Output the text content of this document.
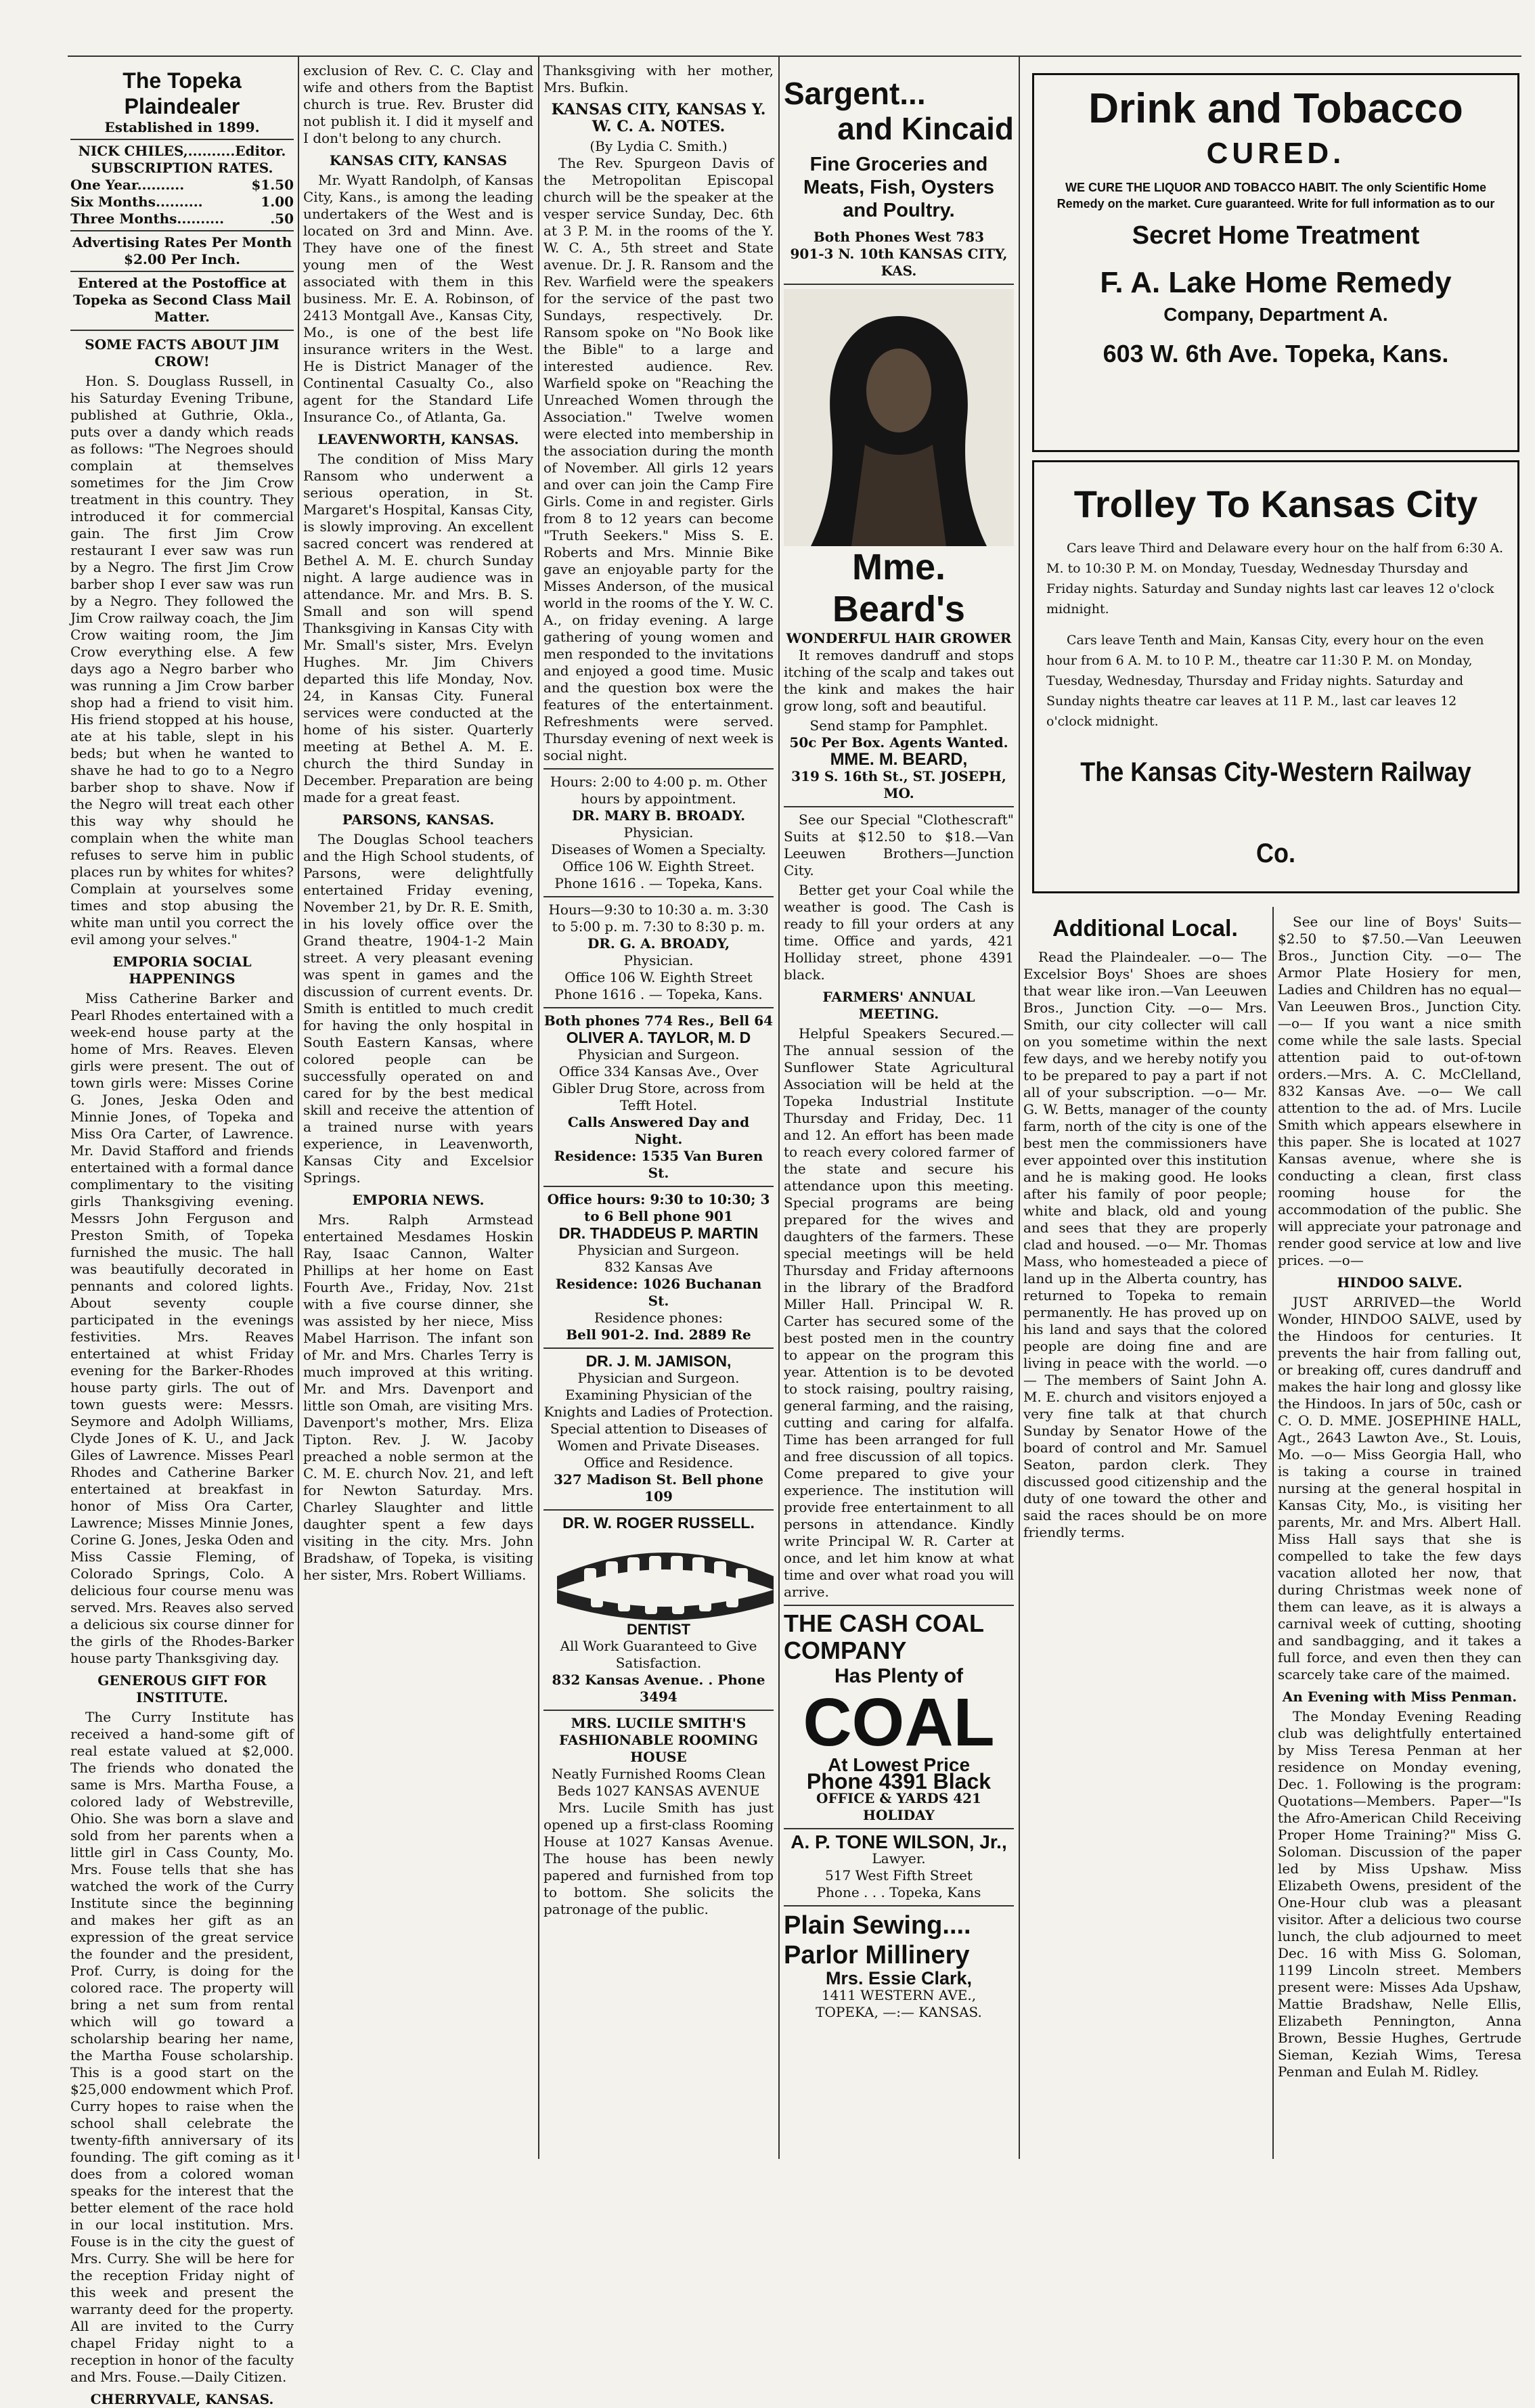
The Topeka Plaindealer
Established in 1899.
NICK CHILES,..........Editor.
SUBSCRIPTION RATES.
One Year..........	$1.50
Six Months..........	1.00
Three Months..........	.50
Advertising Rates Per Month $2.00 Per Inch.
Entered at the Postoffice at Topeka as Second Class Mail Matter.
SOME FACTS ABOUT JIM CROW!

Hon. S. Douglass Russell, in his Saturday Evening Tribune, published at Guthrie, Okla., puts over a dandy which reads as follows: "The Negroes should complain at themselves sometimes for the Jim Crow treatment in this country. They introduced it for commercial gain. The first Jim Crow restaurant I ever saw was run by a Negro. The first Jim Crow barber shop I ever saw was run by a Negro. They followed the Jim Crow railway coach, the Jim Crow waiting room, the Jim Crow everything else. A few days ago a Negro barber who was running a Jim Crow barber shop had a friend to visit him. His friend stopped at his house, ate at his table, slept in his beds; but when he wanted to shave he had to go to a Negro barber shop to shave. Now if the Negro will treat each other this way why should he complain when the white man refuses to serve him in public places run by whites for whites? Complain at yourselves some times and stop abusing the white man until you correct the evil among your selves."

EMPORIA SOCIAL HAPPENINGS

Miss Catherine Barker and Pearl Rhodes entertained with a week-end house party at the home of Mrs. Reaves. Eleven girls were present. The out of town girls were: Misses Corine G. Jones, Jeska Oden and Minnie Jones, of Topeka and Miss Ora Carter, of Lawrence. Mr. David Stafford and friends entertained with a formal dance complimentary to the visiting girls Thanksgiving evening. Messrs John Ferguson and Preston Smith, of Topeka furnished the music. The hall was beautifully decorated in pennants and colored lights. About seventy couple participated in the evenings festivities. Mrs. Reaves entertained at whist Friday evening for the Barker-Rhodes house party girls. The out of town guests were: Messrs. Seymore and Adolph Williams, Clyde Jones of K. U., and Jack Giles of Lawrence. Misses Pearl Rhodes and Catherine Barker entertained at breakfast in honor of Miss Ora Carter, Lawrence; Misses Minnie Jones, Corine G. Jones, Jeska Oden and Miss Cassie Fleming, of Colorado Springs, Colo. A delicious four course menu was served. Mrs. Reaves also served a delicious six course dinner for the girls of the Rhodes-Barker house party Thanksgiving day.

GENEROUS GIFT FOR INSTITUTE.

The Curry Institute has received a hand-some gift of real estate valued at $2,000. The friends who donated the same is Mrs. Martha Fouse, a colored lady of Webstreville, Ohio. She was born a slave and sold from her parents when a little girl in Cass County, Mo. Mrs. Fouse tells that she has watched the work of the Curry Institute since the beginning and makes her gift as an expression of the great service the founder and the president, Prof. Curry, is doing for the colored race. The property will bring a net sum from rental which will go toward a scholarship bearing her name, the Martha Fouse scholarship. This is a good start on the $25,000 endowment which Prof. Curry hopes to raise when the school shall celebrate the twenty-fifth anniversary of its founding. The gift coming as it does from a colored woman speaks for the interest that the better element of the race hold in our local institution. Mrs. Fouse is in the city the guest of Mrs. Curry. She will be here for the reception Friday night of this week and present the warranty deed for the property. All are invited to the Curry chapel Friday night to a reception in honor of the faculty and Mrs. Fouse.—Daily Citizen.

CHERRYVALE, KANSAS.

exclusion of Rev. C. C. Clay and wife and others from the Baptist church is true. Rev. Bruster did not publish it. I did it myself and I don't belong to any church.

KANSAS CITY, KANSAS

Mr. Wyatt Randolph, of Kansas City, Kans., is among the leading undertakers of the West and is located on 3rd and Minn. Ave. They have one of the finest young men of the West associated with them in this business. Mr. E. A. Robinson, of 2413 Montgall Ave., Kansas City, Mo., is one of the best life insurance writers in the West. He is District Manager of the Continental Casualty Co., also agent for the Standard Life Insurance Co., of Atlanta, Ga.

LEAVENWORTH, KANSAS.

The condition of Miss Mary Ransom who underwent a serious operation, in St. Margaret's Hospital, Kansas City, is slowly improving. An excellent sacred concert was rendered at Bethel A. M. E. church Sunday night. A large audience was in attendance. Mr. and Mrs. B. S. Small and son will spend Thanksgiving in Kansas City with Mr. Small's sister, Mrs. Evelyn Hughes. Mr. Jim Chivers departed this life Monday, Nov. 24, in Kansas City. Funeral services were conducted at the home of his sister. Quarterly meeting at Bethel A. M. E. church the third Sunday in December. Preparation are being made for a great feast.

PARSONS, KANSAS.

The Douglas School teachers and the High School students, of Parsons, were delightfully entertained Friday evening, November 21, by Dr. R. E. Smith, in his lovely office over the Grand theatre, 1904-1-2 Main street. A very pleasant evening was spent in games and the discussion of current events. Dr. Smith is entitled to much credit for having the only hospital in South Eastern Kansas, where colored people can be successfully operated on and cared for by the best medical skill and receive the attention of a trained nurse with years experience, in Leavenworth, Kansas City and Excelsior Springs.

EMPORIA NEWS.

Mrs. Ralph Armstead entertained Mesdames Hoskin Ray, Isaac Cannon, Walter Phillips at her home on East Fourth Ave., Friday, Nov. 21st with a five course dinner, she was assisted by her niece, Miss Mabel Harrison. The infant son of Mr. and Mrs. Charles Terry is much improved at this writing. Mr. and Mrs. Davenport and little son Omah, are visiting Mrs. Davenport's mother, Mrs. Eliza Tipton. Rev. J. W. Jacoby preached a noble sermon at the C. M. E. church Nov. 21, and left for Newton Saturday. Mrs. Charley Slaughter and little daughter spent a few days visiting in the city. Mrs. John Bradshaw, of Topeka, is visiting her sister, Mrs. Robert Williams.

Thanksgiving with her mother, Mrs. Bufkin.

KANSAS CITY, KANSAS Y. W. C. A. NOTES.
(By Lydia C. Smith.)

The Rev. Spurgeon Davis of the Metropolitan Episcopal church will be the speaker at the vesper service Sunday, Dec. 6th at 3 P. M. in the rooms of the Y. W. C. A., 5th street and State avenue. Dr. J. R. Ransom and the Rev. Warfield were the speakers for the service of the past two Sundays, respectively. Dr. Ransom spoke on "No Book like the Bible" to a large and interested audience. Rev. Warfield spoke on "Reaching the Unreached Women through the Association." Twelve women were elected into membership in the association during the month of November. All girls 12 years and over can join the Camp Fire Girls. Come in and register. Girls from 8 to 12 years can become "Truth Seekers." Miss S. E. Roberts and Mrs. Minnie Bike gave an enjoyable party for the Misses Anderson, of the musical world in the rooms of the Y. W. C. A., on friday evening. A large gathering of young women and men responded to the invitations and enjoyed a good time. Music and the question box were the features of the entertainment. Refreshments were served. Thursday evening of next week is social night.

Hours: 2:00 to 4:00 p. m. Other hours by appointment.
DR. MARY B. BROADY.
Physician.
Diseases of Women a Specialty.
Office 106 W. Eighth Street.
Phone 1616 . — Topeka, Kans.
Hours—9:30 to 10:30 a. m. 3:30 to 5:00 p. m. 7:30 to 8:30 p. m.
DR. G. A. BROADY,
Physician.
Office 106 W. Eighth Street
Phone 1616 . — Topeka, Kans.
Both phones 774 Res., Bell 64
OLIVER A. TAYLOR, M. D
Physician and Surgeon.
Office 334 Kansas Ave., Over Gibler Drug Store, across from Tefft Hotel.
Calls Answered Day and Night.
Residence: 1535 Van Buren St.
Office hours: 9:30 to 10:30; 3 to 6 Bell phone 901
DR. THADDEUS P. MARTIN
Physician and Surgeon.
832 Kansas Ave
Residence: 1026 Buchanan St.
Residence phones:
Bell 901-2. Ind. 2889 Re
DR. J. M. JAMISON,
Physician and Surgeon.
Examining Physician of the Knights and Ladies of Protection. Special attention to Diseases of Women and Private Diseases. Office and Residence.
327 Madison St. Bell phone 109
DR. W. ROGER RUSSELL.
DENTIST
All Work Guaranteed to Give Satisfaction.
832 Kansas Avenue. . Phone 3494
MRS. LUCILE SMITH'S
FASHIONABLE ROOMING HOUSE
Neatly Furnished Rooms Clean Beds 1027 KANSAS AVENUE

Mrs. Lucile Smith has just opened up a first-class Rooming House at 1027 Kansas Avenue. The house has been newly papered and furnished from top to bottom. She solicits the patronage of the public.

Sargent...
and Kincaid
Fine Groceries and Meats, Fish, Oysters and Poultry.
Both Phones West 783
901-3 N. 10th KANSAS CITY, KAS.
Mme. Beard's
WONDERFUL HAIR GROWER

It removes dandruff and stops itching of the scalp and takes out the kink and makes the hair grow long, soft and beautiful.

Send stamp for Pamphlet.
50c Per Box. Agents Wanted.
MME. M. BEARD,
319 S. 16th St., ST. JOSEPH, MO.

See our Special "Clothescraft" Suits at $12.50 to $18.—Van Leeuwen Brothers—Junction City.

Better get your Coal while the weather is good. The Cash is ready to fill your orders at any time. Office and yards, 421 Holliday street, phone 4391 black.

FARMERS' ANNUAL MEETING.

Helpful Speakers Secured.—The annual session of the Sunflower State Agricultural Association will be held at the Topeka Industrial Institute Thursday and Friday, Dec. 11 and 12. An effort has been made to reach every colored farmer of the state and secure his attendance upon this meeting. Special programs are being prepared for the wives and daughters of the farmers. These special meetings will be held Thursday and Friday afternoons in the library of the Bradford Miller Hall. Principal W. R. Carter has secured some of the best posted men in the country to appear on the program this year. Attention is to be devoted to stock raising, poultry raising, general farming, and the raising, cutting and caring for alfalfa. Time has been arranged for full and free discussion of all topics. Come prepared to give your experience. The institution will provide free entertainment to all persons in attendance. Kindly write Principal W. R. Carter at once, and let him know at what time and over what road you will arrive.

THE CASH COAL
COMPANY
Has Plenty of
COAL
At Lowest Price
Phone 4391 Black
OFFICE & YARDS 421 HOLIDAY
A. P. TONE WILSON, Jr.,
Lawyer.
517 West Fifth Street
Phone . . . Topeka, Kans
Plain Sewing....
Parlor Millinery
Mrs. Essie Clark,
1411 WESTERN AVE.,
TOPEKA, —:— KANSAS.
Drink and Tobacco
CURED.
WE CURE THE LIQUOR AND TOBACCO HABIT. The only Scientific Home Remedy on the market. Cure guaranteed. Write for full information as to our
Secret Home Treatment
F. A. Lake Home Remedy
Company, Department A.
603 W. 6th Ave. Topeka, Kans.
Trolley To Kansas City
Cars leave Third and Delaware every hour on the half from 6:30 A. M. to 10:30 P. M. on Monday, Tuesday, Wednesday Thursday and Friday nights. Saturday and Sunday nights last car leaves 12 o'clock midnight.
Cars leave Tenth and Main, Kansas City, every hour on the even hour from 6 A. M. to 10 P. M., theatre car 11:30 P. M. on Monday, Tuesday, Wednesday, Thursday and Friday nights. Saturday and Sunday nights theatre car leaves at 11 P. M., last car leaves 12 o'clock midnight.
The Kansas City-Western Railway Co.
Additional Local.

Read the Plaindealer. —o— The Excelsior Boys' Shoes are shoes that wear like iron.—Van Leeuwen Bros., Junction City. —o— Mrs. Smith, our city collecter will call on you sometime within the next few days, and we hereby notify you to be prepared to pay a part if not all of your subscription. —o— Mr. G. W. Betts, manager of the county farm, north of the city is one of the best men the commissioners have ever appointed over this institution and he is making good. He looks after his family of poor people; white and black, old and young and sees that they are properly clad and housed. —o— Mr. Thomas Mass, who homesteaded a piece of land up in the Alberta country, has returned to Topeka to remain permanently. He has proved up on his land and says that the colored people are doing fine and are living in peace with the world. —o— The members of Saint John A. M. E. church and visitors enjoyed a very fine talk at that church Sunday by Senator Howe of the board of control and Mr. Samuel Seaton, pardon clerk. They discussed good citizenship and the duty of one toward the other and said the races should be on more friendly terms.

See our line of Boys' Suits—$2.50 to $7.50.—Van Leeuwen Bros., Junction City. —o— The Armor Plate Hosiery for men, Ladies and Children has no equal—Van Leeuwen Bros., Junction City. —o— If you want a nice smith come while the sale lasts. Special attention paid to out-of-town orders.—Mrs. A. C. McClelland, 832 Kansas Ave. —o— We call attention to the ad. of Mrs. Lucile Smith which appears elsewhere in this paper. She is located at 1027 Kansas avenue, where she is conducting a clean, first class rooming house for the accommodation of the public. She will appreciate your patronage and render good service at low and live prices. —o—

HINDOO SALVE.

JUST ARRIVED—the World Wonder, HINDOO SALVE, used by the Hindoos for centuries. It prevents the hair from falling out, or breaking off, cures dandruff and makes the hair long and glossy like the Hindoos. In jars of 50c, cash or C. O. D. MME. JOSEPHINE HALL, Agt., 2643 Lawton Ave., St. Louis, Mo. —o— Miss Georgia Hall, who is taking a course in trained nursing at the general hospital in Kansas City, Mo., is visiting her parents, Mr. and Mrs. Albert Hall. Miss Hall says that she is compelled to take the few days vacation alloted her now, that during Christmas week none of them can leave, as it is always a carnival week of cutting, shooting and sandbagging, and it takes a full force, and even then they can scarcely take care of the maimed.

An Evening with Miss Penman.

The Monday Evening Reading club was delightfully entertained by Miss Teresa Penman at her residence on Monday evening, Dec. 1. Following is the program: Quotations—Members. Paper—"Is the Afro-American Child Receiving Proper Home Training?" Miss G. Soloman. Discussion of the paper led by Miss Upshaw. Miss Elizabeth Owens, president of the One-Hour club was a pleasant visitor. After a delicious two course lunch, the club adjourned to meet Dec. 16 with Miss G. Soloman, 1199 Lincoln street. Members present were: Misses Ada Upshaw, Mattie Bradshaw, Nelle Ellis, Elizabeth Pennington, Anna Brown, Bessie Hughes, Gertrude Sieman, Keziah Wims, Teresa Penman and Eulah M. Ridley.
